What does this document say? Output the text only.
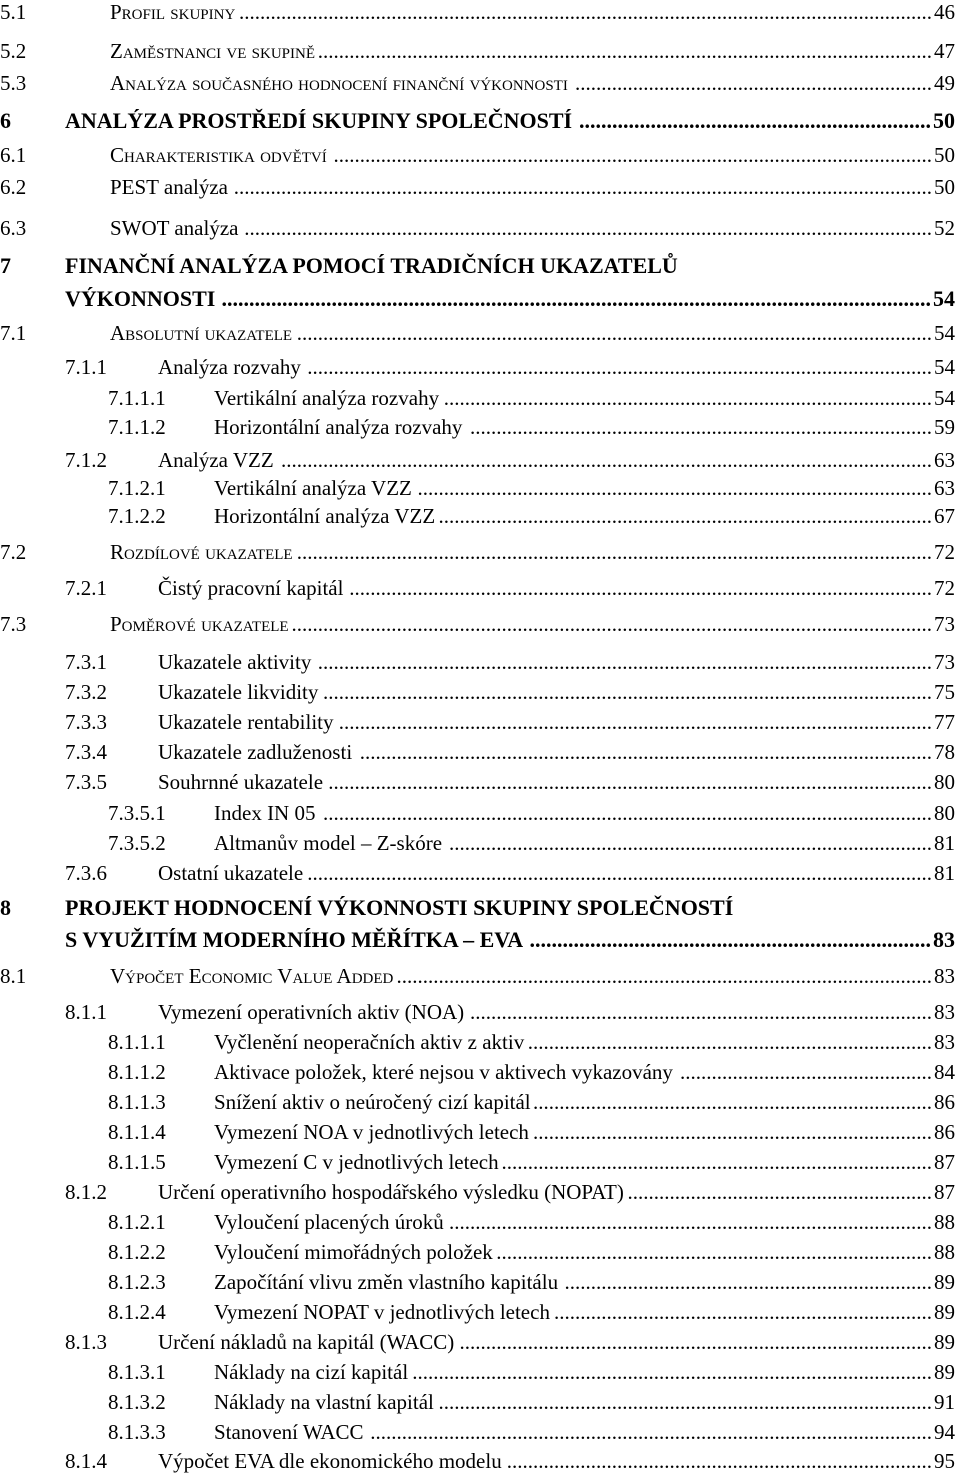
5.1	Profil skupiny	46
....................................................................................................................................
5.2	Zaměstnanci ve skupině	47
.....................................................................................................................
5.3	Analýza současného hodnocení finanční výkonnosti	49
....................................................................
6 ANALÝZA PROSTŘEDÍ SKUPINY SPOLEČNOSTÍ	50
................................................................
6.1	Charakteristika odvětví	50
..................................................................................................................
6.2	PEST analýza	50
.....................................................................................................................................
6.3	SWOT analýza	52
...................................................................................................................................
7 FINANČNÍ ANALÝZA POMOCÍ TRADIČNÍCH UKAZATELŮ
VÝKONNOSTI	54
.................................................................................................................................
7.1	Absolutní ukazatele	54
.........................................................................................................................
7.1.1 Analýza rozvahy	54
.......................................................................................................................
7.1.1.1 Vertikální analýza rozvahy	54
.............................................................................................
7.1.1.2 Horizontální analýza rozvahy	59
........................................................................................
7.1.2 Analýza VZZ	63
............................................................................................................................
7.1.2.1 Vertikální analýza VZZ	63
..................................................................................................
7.1.2.2 Horizontální analýza VZZ	67
..............................................................................................
7.2	Rozdílové ukazatele	72
.........................................................................................................................
7.2.1 Čistý pracovní kapitál	72
...............................................................................................................
7.3	Poměrové ukazatele	73
..........................................................................................................................
7.3.1 Ukazatele aktivity	73
.....................................................................................................................
7.3.2 Ukazatele likvidity	75
....................................................................................................................
7.3.3 Ukazatele rentability	77
.................................................................................................................
7.3.4 Ukazatele zadluženosti	78
.............................................................................................................
7.3.5 Souhrnné ukazatele	80
...................................................................................................................
7.3.5.1 Index IN 05	80
....................................................................................................................
7.3.5.2 Altmanův model – Z-skóre	81
............................................................................................
7.3.6 Ostatní ukazatele	81
.......................................................................................................................
8 PROJEKT HODNOCENÍ VÝKONNOSTI SKUPINY SPOLEČNOSTÍ
S VYUŽITÍM MODERNÍHO MĚŘÍTKA – EVA	83
.........................................................................
8.1	Výpočet Economic Value Added	83
......................................................................................................
8.1.1 Vymezení operativních aktiv (NOA)	83
........................................................................................
8.1.1.1 Vyčlenění neoperačních aktiv z aktiv	83
.............................................................................
8.1.1.2 Aktivace položek, které nejsou v aktivech vykazovány	84
................................................
8.1.1.3 Snížení aktiv o neúročený cizí kapitál	86
............................................................................
8.1.1.4 Vymezení NOA v jednotlivých letech	86
............................................................................
8.1.1.5 Vymezení C v jednotlivých letech	87
..................................................................................
8.1.2 Určení operativního hospodářského výsledku (NOPAT)	87
..........................................................
8.1.2.1 Vyloučení placených úroků	88
............................................................................................
8.1.2.2 Vyloučení mimořádných položek	88
...................................................................................
8.1.2.3 Započítání vlivu změn vlastního kapitálu	89
......................................................................
8.1.2.4 Vymezení NOPAT v jednotlivých letech	89
........................................................................
8.1.3 Určení nákladů na kapitál (WACC)	89
..........................................................................................
8.1.3.1 Náklady na cizí kapitál	89
...................................................................................................
8.1.3.2 Náklady na vlastní kapitál	91
..............................................................................................
8.1.3.3 Stanovení WACC	94
...........................................................................................................
8.1.4 Výpočet EVA dle ekonomického modelu	95
.................................................................................
